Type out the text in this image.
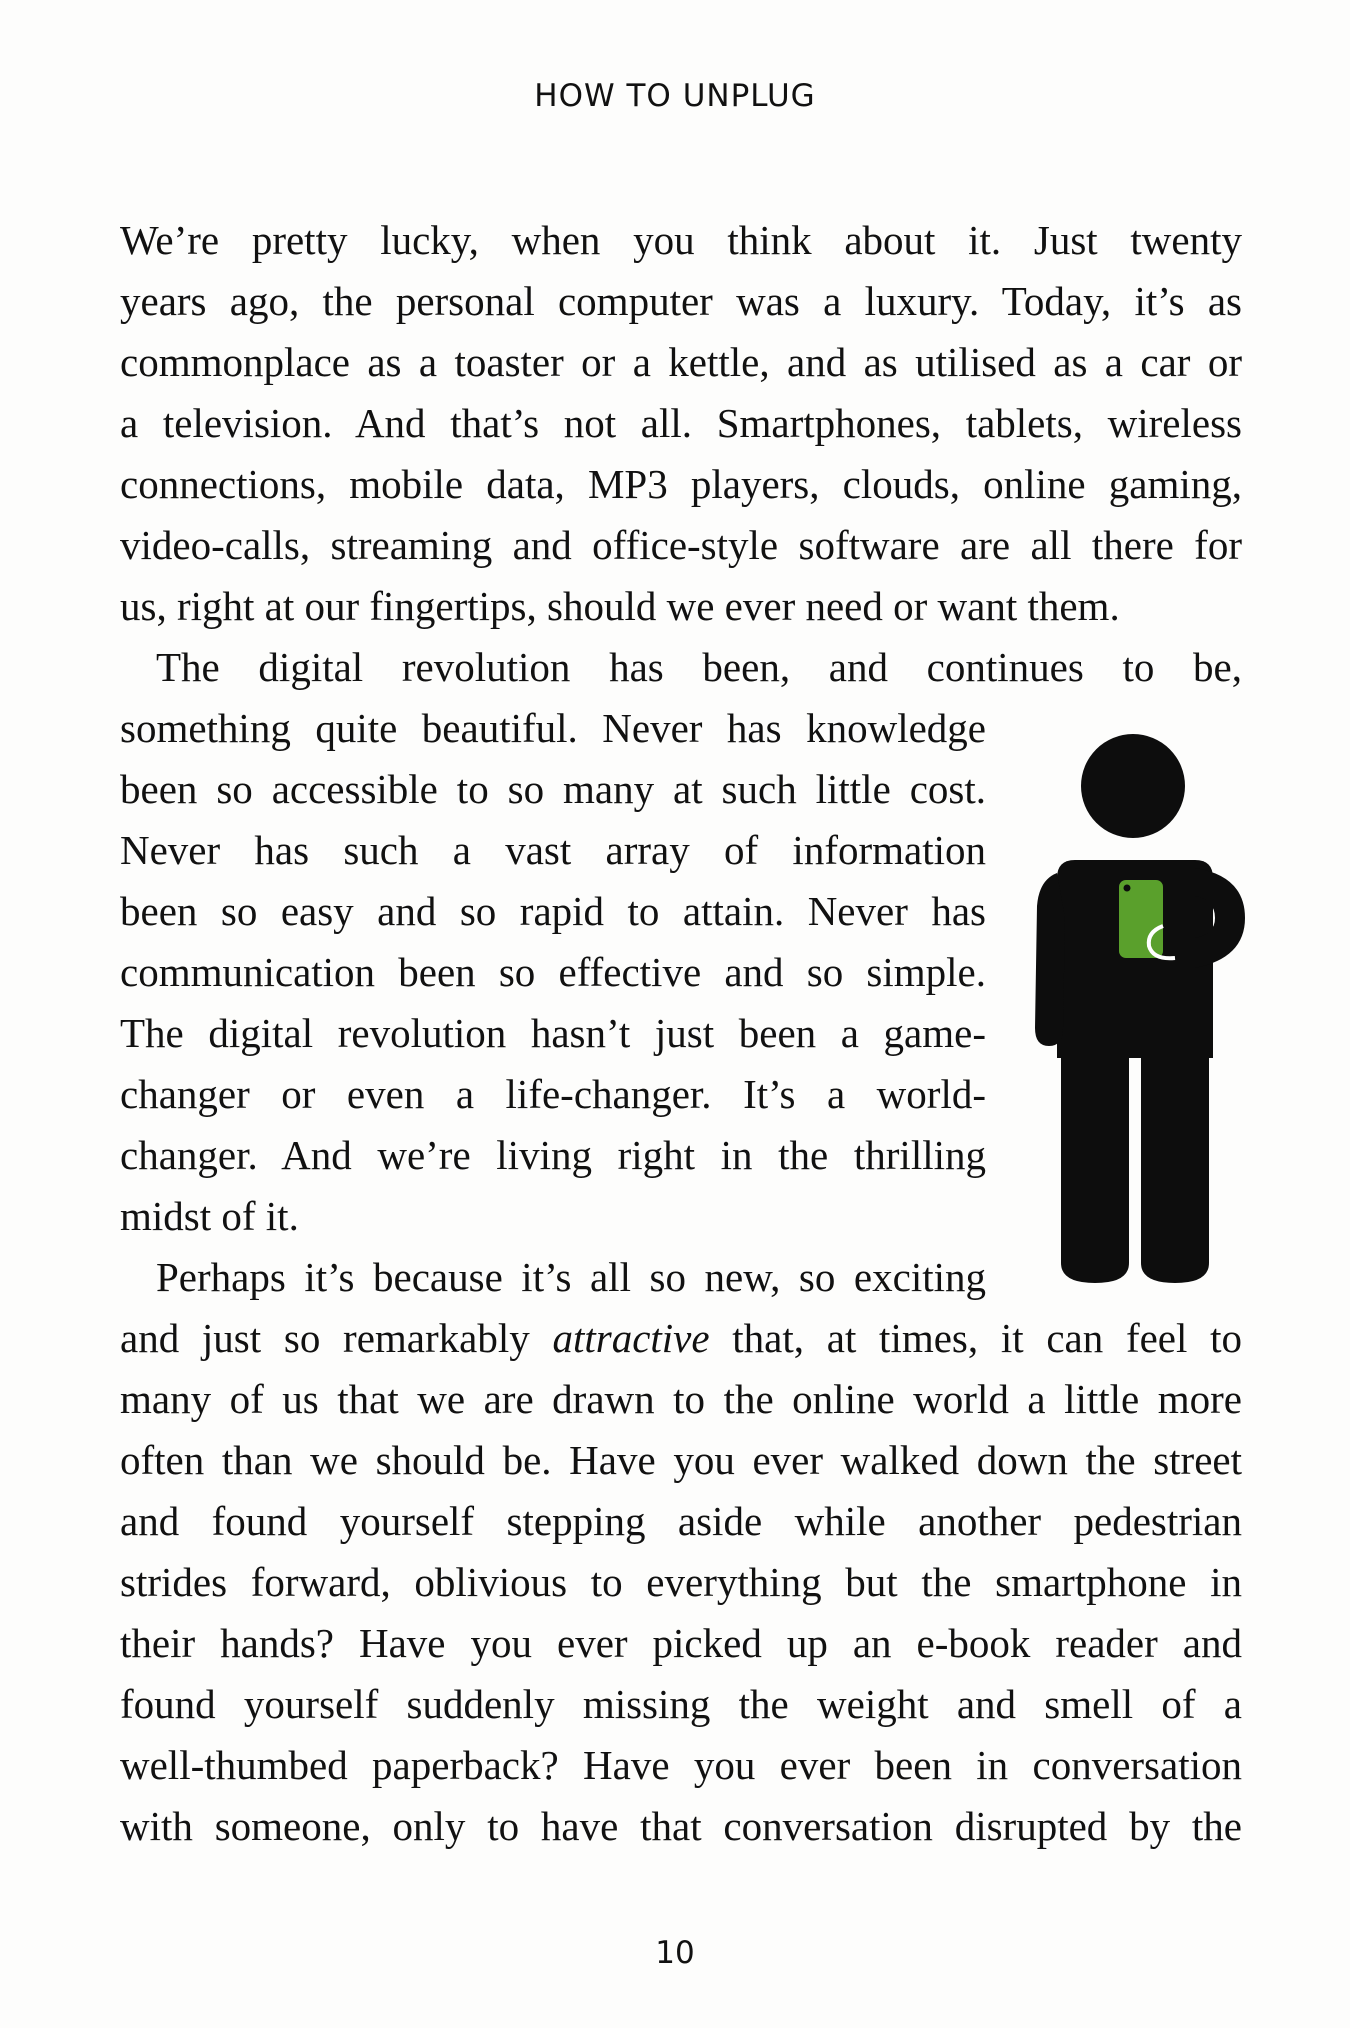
HOW TO UNPLUG
We’re pretty lucky, when you think about it. Just twenty
years ago, the personal computer was a luxury. Today, it’s as
commonplace as a toaster or a kettle, and as utilised as a car or
a television. And that’s not all. Smartphones, tablets, wireless
connections, mobile data, MP3 players, clouds, online gaming,
video-calls, streaming and office-style software are all there for
us, right at our fingertips, should we ever need or want them.
The digital revolution has been, and continues to be,
something quite beautiful. Never has knowledge
been so accessible to so many at such little cost.
Never has such a vast array of information
been so easy and so rapid to attain. Never has
communication been so effective and so simple.
The digital revolution hasn’t just been a game-
changer or even a life-changer. It’s a world-
changer. And we’re living right in the thrilling
midst of it.
Perhaps it’s because it’s all so new, so exciting
and just so remarkably attractive that, at times, it can feel to
many of us that we are drawn to the online world a little more
often than we should be. Have you ever walked down the street
and found yourself stepping aside while another pedestrian
strides forward, oblivious to everything but the smartphone in
their hands? Have you ever picked up an e-book reader and
found yourself suddenly missing the weight and smell of a
well-thumbed paperback? Have you ever been in conversation
with someone, only to have that conversation disrupted by the
10
